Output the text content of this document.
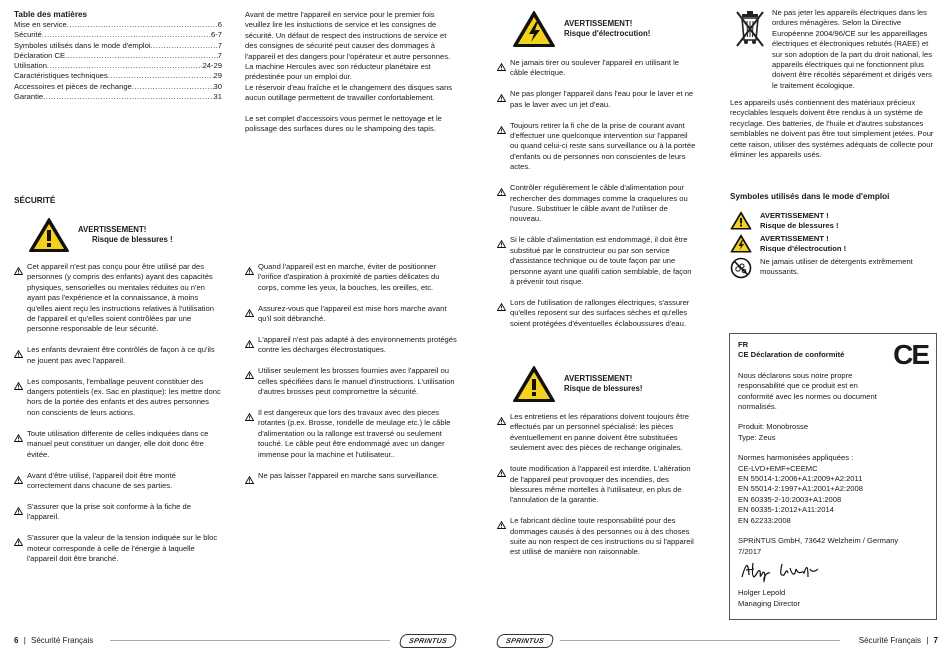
Table des matières
Mise en service .....	6
Sécurité .....	6-7
Symboles utilisés dans le mode d'emploi .....	7
Déclaration CE .....	7
Utilisation .....	24-29
Caractéristiques techniques .....	29
Accessoires et pièces de rechange .....	30
Garantie .....	31

Avant de mettre l'appareil en service pour le premier fois veuillez lire les instuctions de service et les consignes de sécurité. Un défaut de respect des instructions de service et des consignes de sécurité peut causer des dommages à l'appareil et des dangers pour l'opérateur et autre personnes.

La machine Hercules avec son réducteur planétaire est prédestinée pour un emploi dur.

Le réservoir d'eau fraîche et le changement des disques sans aucun outillage permettent de travailler confortablement.

Le set complet d'accessoirs vous permet le nettoyage et le polissage des surfaces dures ou le shampoing des tapis.

SÉCURITÉ
AVERTISSEMENT!
Risque de blessures !
Cet appareil n'est pas conçu pour être utilisé par des personnes (y compris des enfants) ayant des capacités physiques, sensorielles ou mentales réduites ou n'en ayant pas l'expérience et la connaissance, à moins qu'elles aient reçu les instructions relatives à l'utilisation de l'appareil et qu'elles soient contrôlées par une personne responsable de leur sécurité.
Les enfants devraient être contrôlés de façon à ce qu'ils ne jouent pas avec l'appareil.
Les composants, l'emballage peuvent constituer des dangers potentiels (ex. Sac en plastique): les mettre donc hors de la portée des enfants et des autres personnes non conscients de leurs actions.
Toute utilisation differente de celles indiquées dans ce manuel peut constituer un danger, elle doit donc être évitée.
Avant d'être utilisé, l'appareil doit être monté correctement dans chacune de ses parties.
S'assurer que la prise soit conforme à la fiche de l'appareil.
S'assurer que la valeur de la tension indiquée sur le bloc moteur corresponde à celle de l'énergie à laquelle l'appareil doit être branché.
Quand l'appareil est en marche, éviter de positionner l'orifice d'aspiration à proximité de parties délicates du corps, comme les yeux, la bouches, les oreilles, etc.
Assurez-vous que l'appareil est mise hors marche avant qu'il soit débranché.
L'appareil n'est pas adapté à des environnements protégés contre les décharges électrostatiques.
Utiliser seulement les brosses fournies avec l'appareil ou celles spécifiées dans le manuel d'instructions. L'utilisation d'autres brosses peut compromettre la sécurité.
Il est dangereux que lors des travaux avec des pieces rotantes (p.ex. Brosse, rondelle de meulage etc.) le câble d'alimentation ou la rallonge est traversé ou seulement touché. Le câble peut être endommagé avec un danger immense pour la machine et l'utilisateur..
Ne pas laisser l'appareil en marche sans surveillance.
AVERTISSEMENT!
Risque d'électrocution!
Ne jamais tirer ou soulever l'appareil en utilisant le câble électrique.
Ne pas plonger l'appareil dans l'eau pour le laver et ne pas le laver avec un jet d'eau.
Toujours retirer la fi che de la prise de courant avant d'effectuer une quelconque intervention sur l'appareil ou quand celui-ci reste sans surveillance ou à la portée d'enfants ou de personnes non conscientes de leurs actes.
Contrôler régulièrement le câble d'alimentation pour rechercher des dommages comme la craquelures ou l'usure. Substituer le câble avant de l'utiliser de nouveau.
Si le câble d'alimentation est endommagé, il doit être substitué par le constructeur ou par son service d'assistance technique ou de toute façon par une personne ayant une qualifi cation semblable, de façon à prévenir tout risque.
Lors de l'utilisation de rallonges électriques, s'assurer qu'elles reposent sur des surfaces sèches et qu'elles soient protégées d'éventuelles éclaboussures d'eau.
AVERTISSEMENT!
Risque de blessures!
Les entretiens et les réparations doivent toujours être effectués par un personnel spécialisé: les pièces éventuellement en panne doivent être substituées seulement avec des pièces de rechange originales.
toute modification à l'appareil est interdite. L'altération de l'appareil peut provoquer des incendies, des blessures même mortelles à l'utilisateur, en plus de l'annulation de la garantie.
Le fabricant décline toute responsabilité pour des dommages causés à des personnes ou à des choses suite au non respect de ces instructions ou si l'appareil est utilisé de manière non raisonnable.
Ne pas jeter les appareils électriques dans les ordures ménagères. Selon la Directive Européenne 2004/96/CE sur les appareillages électriques et électroniques rebutés (RAEE) et sur son adoption de la part du droit national, les appareils électriques qui ne fonctionnent plus doivent être récoltés séparément et dirigés vers le traitement écologique.
Les appareils usés contiennent des matériaux précieux recyclables lesquels doivent être rendus à un système de recyclage. Des batteries, de l'huile et d'autres substances semblables ne doivent pas être tout simplement jetées. Pour cette raison, utiliser des systèmes adéquats de collecte pour éliminer les appareils usés.
Symboles utilisés dans le mode d'emploi
AVERTISSEMENT !
Risque de blessures !
AVERTISSEMENT !
Risque d'électrocution !
Ne jamais utiliser de détergents extrêmement
moussants.
FR
CE Déclaration de conformité
Nous déclarons sous notre propre responsabilité que ce produit est en conformité avec les normes ou document normalisés.
Produit: Monobrosse
Type: Zeus
Normes harmonisées appliquées :
CE-LVD+EMF+CEEMC
EN 55014-1:2006+A1:2009+A2:2011
EN 55014-2:1997+A1:2001+A2:2008
EN 60335-2-10:2003+A1:2008
EN 60335-1:2012+A11:2014
EN 62233:2008
SPRiNTUS GmbH, 73642 Welzheim / Germany
7/2017
Holger Lepold
Managing Director
CE
6 | Sécurité Français	SPRINTUS	SPRINTUS	Sécurité Français | 7
